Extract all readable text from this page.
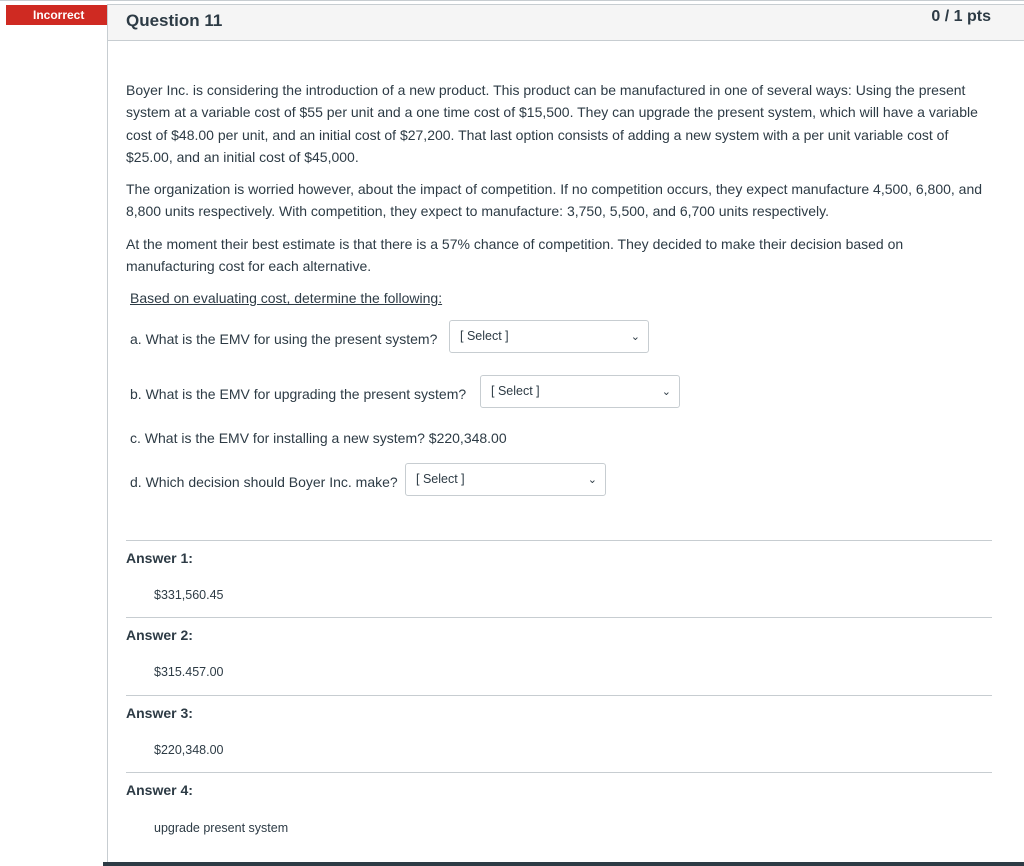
Incorrect	Question 11	0 / 1 pts

Boyer Inc. is considering the introduction of a new product. This product can be manufactured in one of several ways: Using the present system at a variable cost of $55 per unit and a one time cost of $15,500. They can upgrade the present system, which will have a variable cost of $48.00 per unit, and an initial cost of $27,200. That last option consists of adding a new system with a per unit variable cost of $25.00, and an initial cost of $45,000.

The organization is worried however, about the impact of competition. If no competition occurs, they expect manufacture 4,500, 6,800, and 8,800 units respectively. With competition, they expect to manufacture: 3,750, 5,500, and 6,700 units respectively.

At the moment their best estimate is that there is a 57% chance of competition. They decided to make their decision based on manufacturing cost for each alternative.

Based on evaluating cost, determine the following:

a. What is the EMV for using the present system? [ Select ]	⌄
b. What is the EMV for upgrading the present system? [ Select ]	⌄
c. What is the EMV for installing a new system? $220,348.00
d. Which decision should Boyer Inc. make? [ Select ]	⌄
Answer 1:
$331,560.45
Answer 2:
$315.457.00
Answer 3:
$220,348.00
Answer 4:
upgrade present system
